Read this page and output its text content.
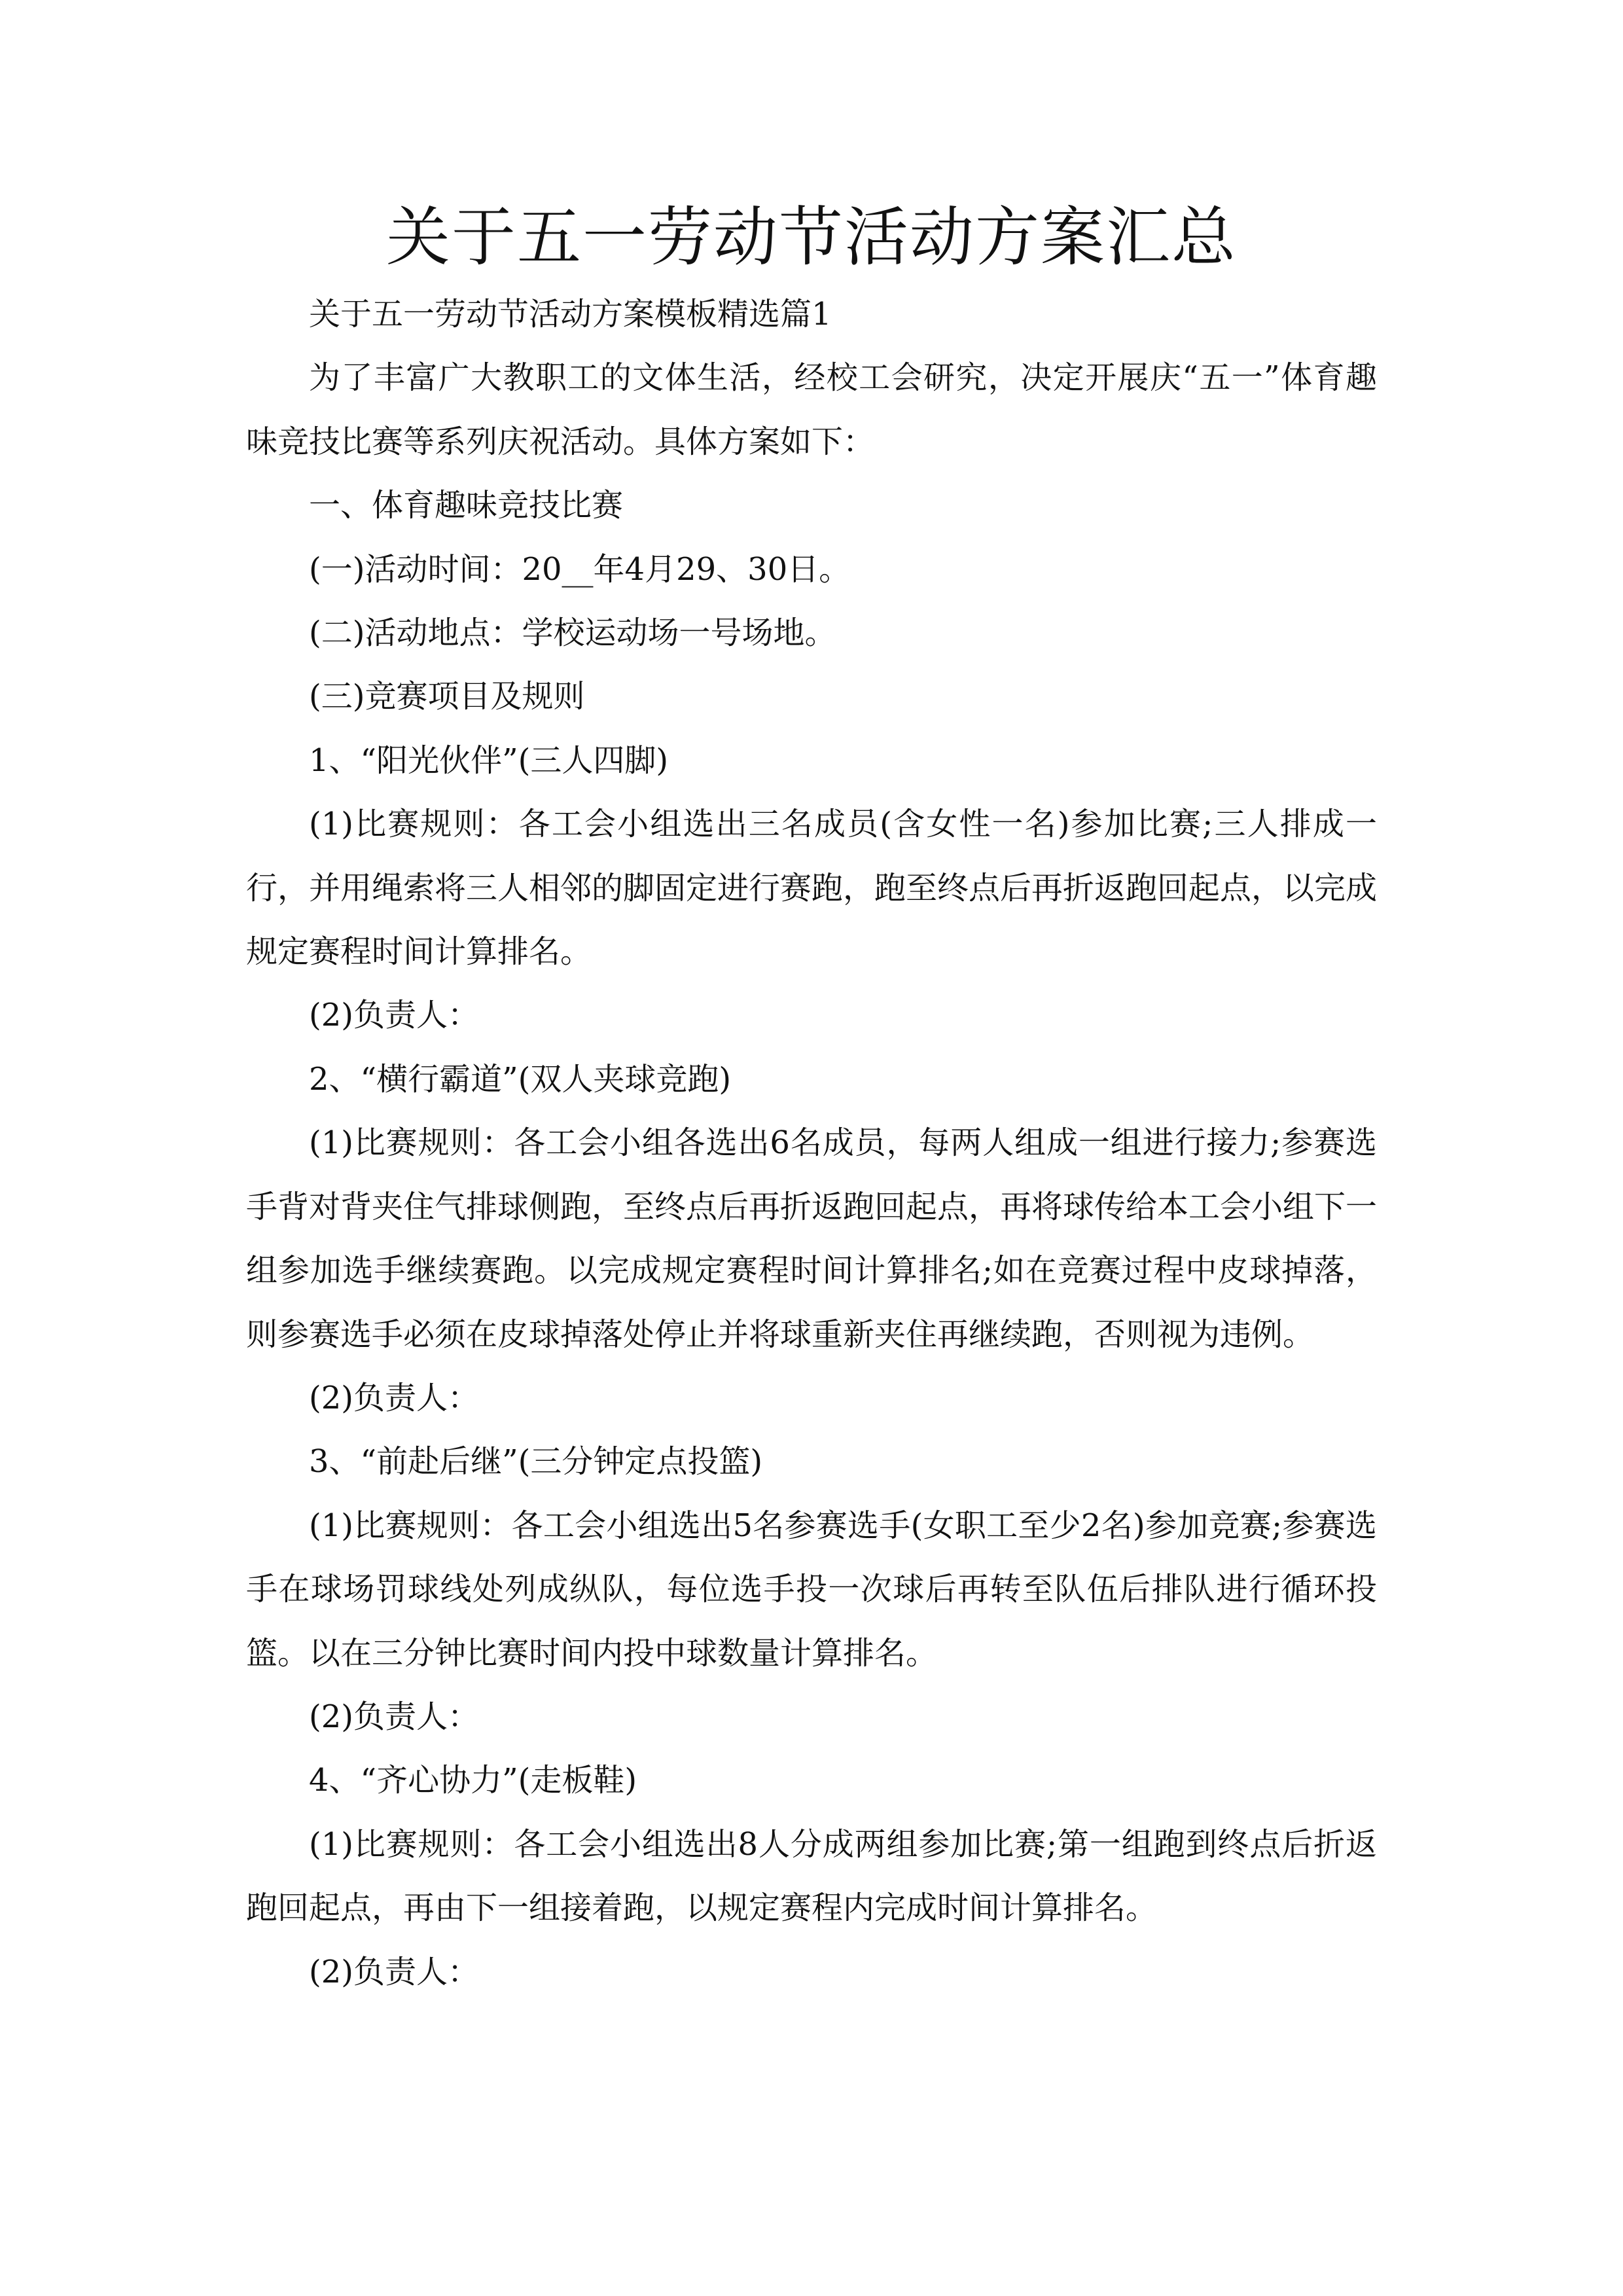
关于五一劳动节活动方案汇总

关于五一劳动节活动方案模板精选篇1

为了丰富广大教职工的文体生活，经校工会研究，决定开展庆“五一”体育趣味竞技比赛等系列庆祝活动。具体方案如下：

一、体育趣味竞技比赛

(一)活动时间：20__年4月29、30日。

(二)活动地点：学校运动场一号场地。

(三)竞赛项目及规则

1、“阳光伙伴”(三人四脚)

(1)比赛规则：各工会小组选出三名成员(含女性一名)参加比赛;三人排成一行，并用绳索将三人相邻的脚固定进行赛跑，跑至终点后再折返跑回起点，以完成规定赛程时间计算排名。

(2)负责人：

2、“横行霸道”(双人夹球竞跑)

(1)比赛规则：各工会小组各选出6名成员，每两人组成一组进行接力;参赛选手背对背夹住气排球侧跑，至终点后再折返跑回起点，再将球传给本工会小组下一组参加选手继续赛跑。以完成规定赛程时间计算排名;如在竞赛过程中皮球掉落，则参赛选手必须在皮球掉落处停止并将球重新夹住再继续跑，否则视为违例。

(2)负责人：

3、“前赴后继”(三分钟定点投篮)

(1)比赛规则：各工会小组选出5名参赛选手(女职工至少2名)参加竞赛;参赛选手在球场罚球线处列成纵队，每位选手投一次球后再转至队伍后排队进行循环投篮。以在三分钟比赛时间内投中球数量计算排名。

(2)负责人：

4、“齐心协力”(走板鞋)

(1)比赛规则：各工会小组选出8人分成两组参加比赛;第一组跑到终点后折返跑回起点，再由下一组接着跑，以规定赛程内完成时间计算排名。

(2)负责人：
